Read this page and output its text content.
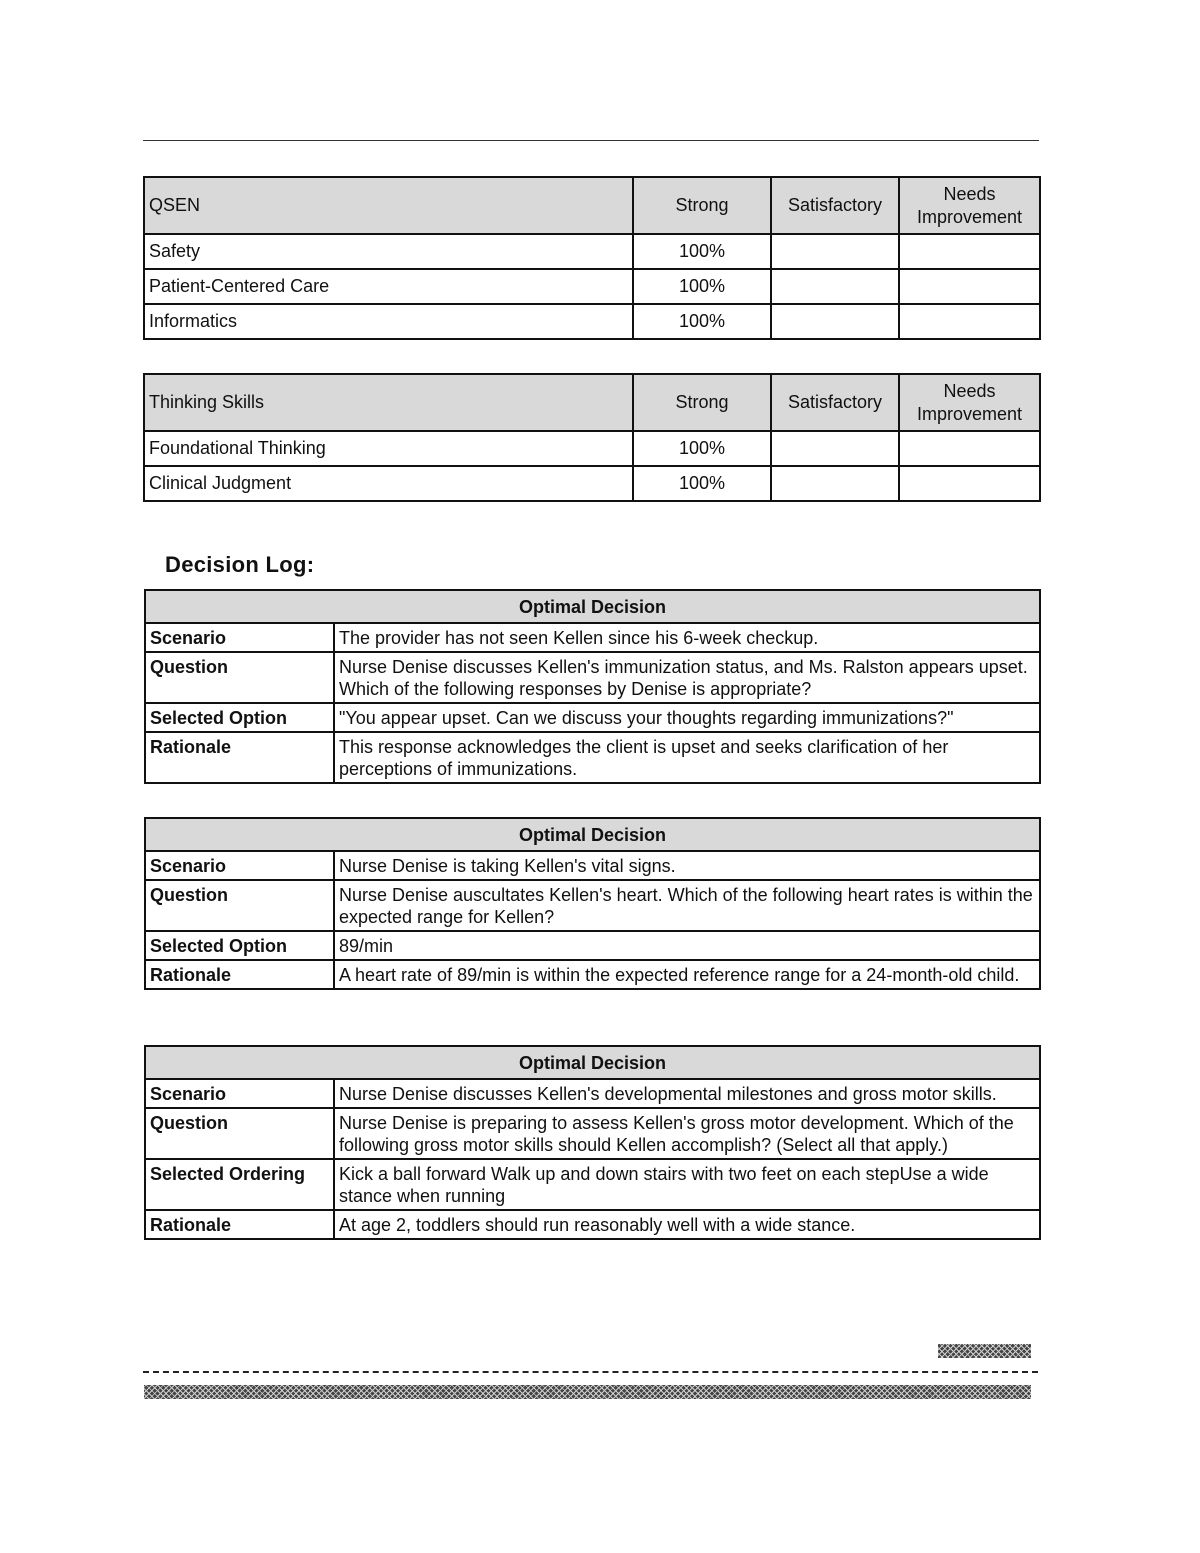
QSEN	Strong	Satisfactory	Needs Improvement
Safety	100%		
Patient-Centered Care	100%		
Informatics	100%		
Thinking Skills	Strong	Satisfactory	Needs Improvement
Foundational Thinking	100%		
Clinical Judgment	100%		
Decision Log:
Optimal Decision	
Scenario	The provider has not seen Kellen since his 6-week checkup.
Question	Nurse Denise discusses Kellen's immunization status, and Ms. Ralston appears upset. Which of the following responses by Denise is appropriate?
Selected Option	"You appear upset. Can we discuss your thoughts regarding immunizations?"
Rationale	This response acknowledges the client is upset and seeks clarification of her perceptions of immunizations.
Optimal Decision	
Scenario	Nurse Denise is taking Kellen's vital signs.
Question	Nurse Denise auscultates Kellen's heart. Which of the following heart rates is within the expected range for Kellen?
Selected Option	89/min
Rationale	A heart rate of 89/min is within the expected reference range for a 24-month-old child.
Optimal Decision	
Scenario	Nurse Denise discusses Kellen's developmental milestones and gross motor skills.
Question	Nurse Denise is preparing to assess Kellen's gross motor development. Which of the following gross motor skills should Kellen accomplish? (Select all that apply.)
Selected Ordering	Kick a ball forward Walk up and down stairs with two feet on each stepUse a wide stance when running
Rationale	At age 2, toddlers should run reasonably well with a wide stance.
